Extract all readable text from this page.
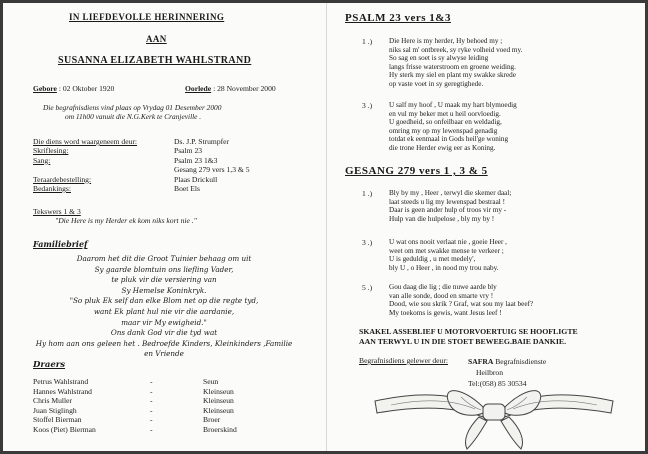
IN LIEFDEVOLLE HERINNERING
AAN
SUSANNA ELIZABETH WAHLSTRAND
Gebore : 02 Oktober 1920	Oorlede : 28 November 2000
Die begrafnisdiens vind plaas op Vrydag 01 Desember 2000
om 11h00 vanuit die N.G.Kerk te Cranjeville .
Die diens word waargeneem deur:
Skriflesing:
Sang:
Teraardebestelling:
Bedankings:
Ds. J.P. Strumpfer
Psalm 23
Psalm 23 1&3
Gesang 279 vers 1,3 & 5
Plaas Drickull
Boet Els
Tekswers 1 & 3
"Die Here is my Herder ek kom niks kort nie ."
Familiebrief
Daarom het dit die Groot Tuinier behaag om uit
Sy gaarde blomtuin ons liefling Vader,
te pluk vir die versiering van
Sy Hemelse Koninkryk.
"So pluk Ek self dan elke Blom net op die regte tyd,
want Ek plant hul nie vir die aardanie,
maar vir My ewigheid."
Ons dank God vir die tyd wat
Hy hom aan ons geleen het . Bedroefde Kinders, Kleinkinders ,Familie en Vriende
Draers
Petrus Wahlstrand
Hannes Wahlstrand
Chris Muller
Juan Stiglingh
Stoffel Bierman
Koos (Piet) Bierman
-
-
-
-
-
-
Seun
Kleinseun
Kleinseun
Kleinseun
Broer
Broerskind
PSALM 23 vers 1&3
1 .) Die Here is my herder, Hy behoed my ;
niks sal m' ontbreek, sy ryke volheid voed my.
So sag en soet is sy alwyse leiding
langs frisse waterstroom en groene weiding.
Hy sterk my siel en plant my swakke skrede
op vaste voet in sy geregtighede.
3 .) U salf my hoof , U maak my hart blymoedig
en vul my beker met u heil oorvloedig.
U goedheid, so onfeilbaar en weldadig,
omring my op my lewenspad genadig
totdat ek eenmaal in Gods heil'ge woning
die trone Herder ewig eer as Koning.
GESANG 279 vers 1 , 3 & 5
1 .) Bly by my , Heer , terwyl die skemer daal;
laat steeds u lig my lewenspad bestraal !
Daar is geen ander hulp of troos vir my -
Hulp van die hulpelose , bly my by !
3 .) U wat ons nooit verlaat nie , goeie Heer ,
weet om met swakke mense te verkeer ;
U is geduldig , u met medely',
bly U , o Heer , in nood my trou naby.
5 .) Gou daag die lig ; die nuwe aarde bly
van alle sonde, dood en smarte vry !
Dood, wie sou skrik ? Graf, wat sou my laat beef?
My toekoms is gewis, want Jesus leef !
SKAKEL ASSEBLIEF U MOTORVOERTUIG SE HOOFLIGTE
AAN TERWYL U IN DIE STOET BEWEEG.BAIE DANKIE.
Begrafnisdiens gelewer deur:	SAFRA Begrafnisdienste
Heilbron
Tel:(058) 85 30534
